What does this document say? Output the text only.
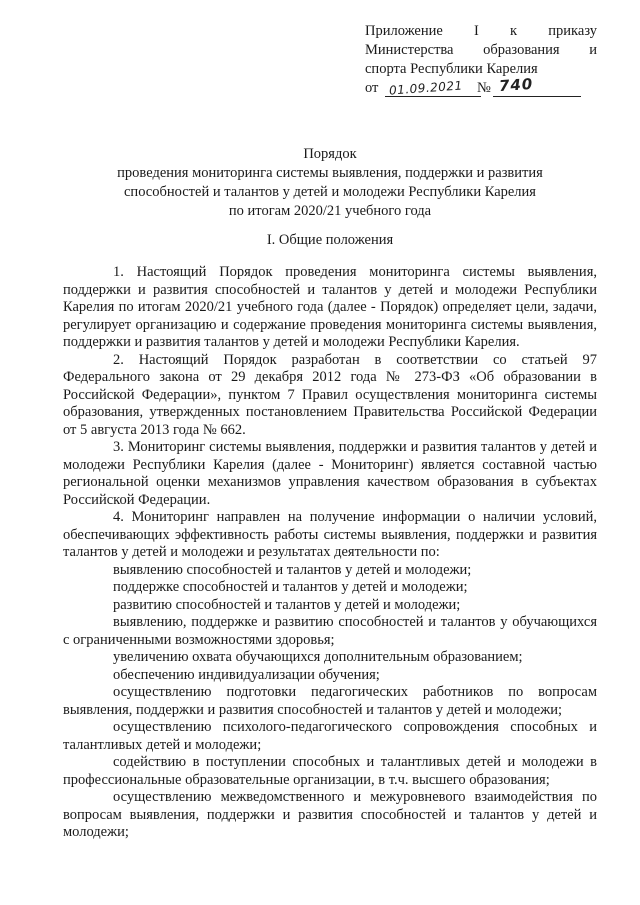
Приложение I к приказу
Министерства образования и
спорта Республики Карелия
от 01.09.2021 № 740
Порядок
проведения мониторинга системы выявления, поддержки и развития
способностей и талантов у детей и молодежи Республики Карелия
по итогам 2020/21 учебного года
I. Общие положения

1. Настоящий Порядок проведения мониторинга системы выявления, поддержки и развития способностей и талантов у детей и молодежи Республики Карелия по итогам 2020/21 учебного года (далее - Порядок) определяет цели, задачи, регулирует организацию и содержание проведения мониторинга системы выявления, поддержки и развития талантов у детей и молодежи Республики Карелия.

2. Настоящий Порядок разработан в соответствии со статьей 97 Федерального закона от 29 декабря 2012 года № 273-ФЗ «Об образовании в Российской Федерации», пунктом 7 Правил осуществления мониторинга системы образования, утвержденных постановлением Правительства Российской Федерации от 5 августа 2013 года № 662.

3. Мониторинг системы выявления, поддержки и развития талантов у детей и молодежи Республики Карелия (далее - Мониторинг) является составной частью региональной оценки механизмов управления качеством образования в субъектах Российской Федерации.

4. Мониторинг направлен на получение информации о наличии условий, обеспечивающих эффективность работы системы выявления, поддержки и развития талантов у детей и молодежи и результатах деятельности по:

выявлению способностей и талантов у детей и молодежи;

поддержке способностей и талантов у детей и молодежи;

развитию способностей и талантов у детей и молодежи;

выявлению, поддержке и развитию способностей и талантов у обучающихся с ограниченными возможностями здоровья;

увеличению охвата обучающихся дополнительным образованием;

обеспечению индивидуализации обучения;

осуществлению подготовки педагогических работников по вопросам выявления, поддержки и развития способностей и талантов у детей и молодежи;

осуществлению психолого-педагогического сопровождения способных и талантливых детей и молодежи;

содействию в поступлении способных и талантливых детей и молодежи в профессиональные образовательные организации, в т.ч. высшего образования;

осуществлению межведомственного и межуровневого взаимодействия по вопросам выявления, поддержки и развития способностей и талантов у детей и молодежи;
